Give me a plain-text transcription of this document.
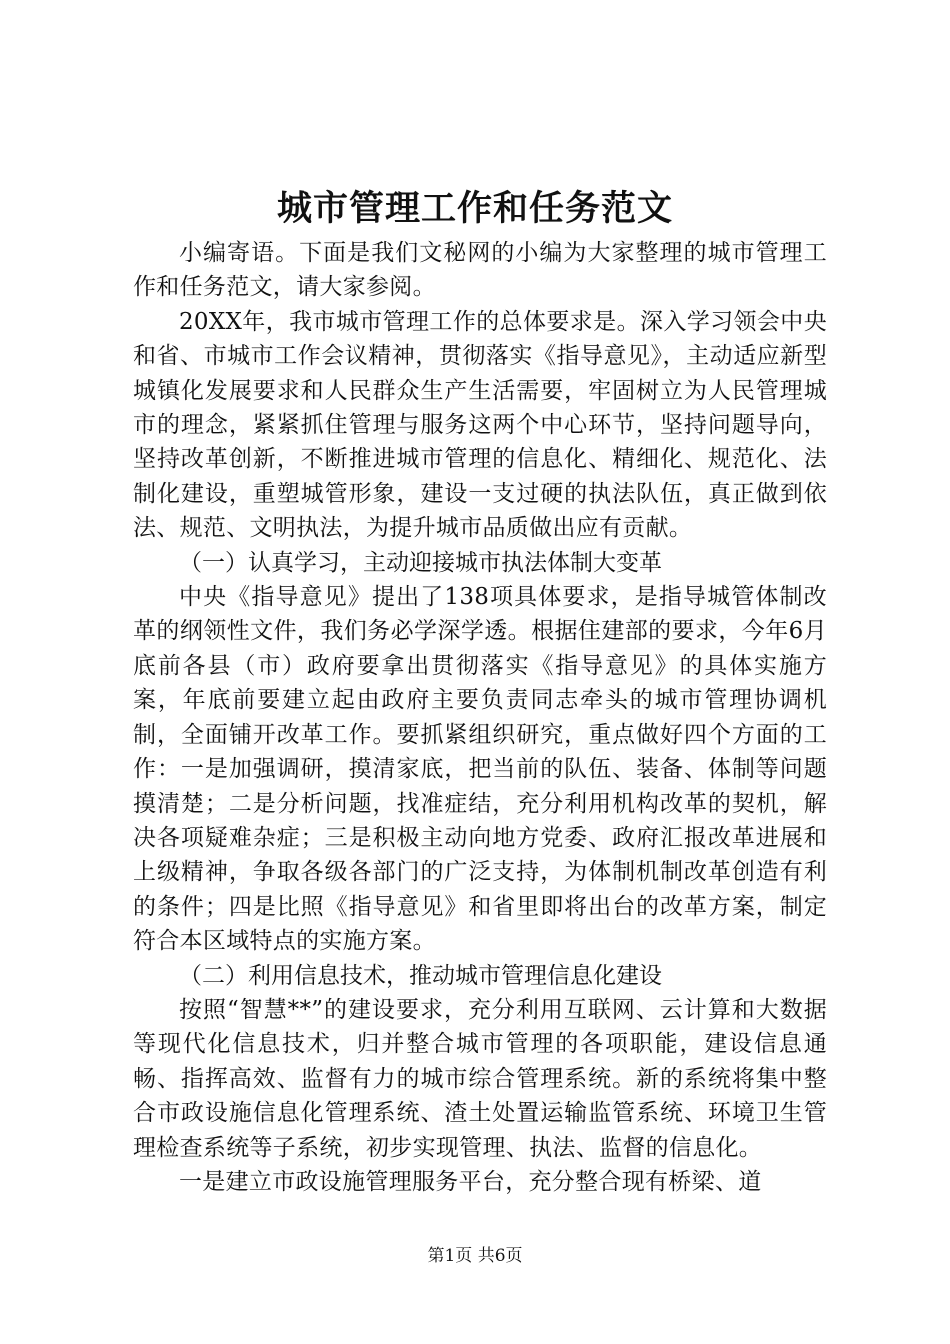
城市管理工作和任务范文

小编寄语。下面是我们文秘网的小编为大家整理的城市管理工作和任务范文，请大家参阅。

20XX年，我市城市管理工作的总体要求是。深入学习领会中央和省、市城市工作会议精神，贯彻落实《指导意见》，主动适应新型城镇化发展要求和人民群众生产生活需要，牢固树立为人民管理城市的理念，紧紧抓住管理与服务这两个中心环节，坚持问题导向，坚持改革创新，不断推进城市管理的信息化、精细化、规范化、法制化建设，重塑城管形象，建设一支过硬的执法队伍，真正做到依法、规范、文明执法，为提升城市品质做出应有贡献。

（一）认真学习，主动迎接城市执法体制大变革

中央《指导意见》提出了138项具体要求，是指导城管体制改革的纲领性文件，我们务必学深学透。根据住建部的要求，今年6月底前各县（市）政府要拿出贯彻落实《指导意见》的具体实施方案，年底前要建立起由政府主要负责同志牵头的城市管理协调机制，全面铺开改革工作。要抓紧组织研究，重点做好四个方面的工作：一是加强调研，摸清家底，把当前的队伍、装备、体制等问题摸清楚；二是分析问题，找准症结，充分利用机构改革的契机，解决各项疑难杂症；三是积极主动向地方党委、政府汇报改革进展和上级精神，争取各级各部门的广泛支持，为体制机制改革创造有利的条件；四是比照《指导意见》和省里即将出台的改革方案，制定符合本区域特点的实施方案。

（二）利用信息技术，推动城市管理信息化建设

按照“智慧**”的建设要求，充分利用互联网、云计算和大数据等现代化信息技术，归并整合城市管理的各项职能，建设信息通畅、指挥高效、监督有力的城市综合管理系统。新的系统将集中整合市政设施信息化管理系统、渣土处置运输监管系统、环境卫生管理检查系统等子系统，初步实现管理、执法、监督的信息化。

一是建立市政设施管理服务平台，充分整合现有桥梁、道

第1页 共6页
